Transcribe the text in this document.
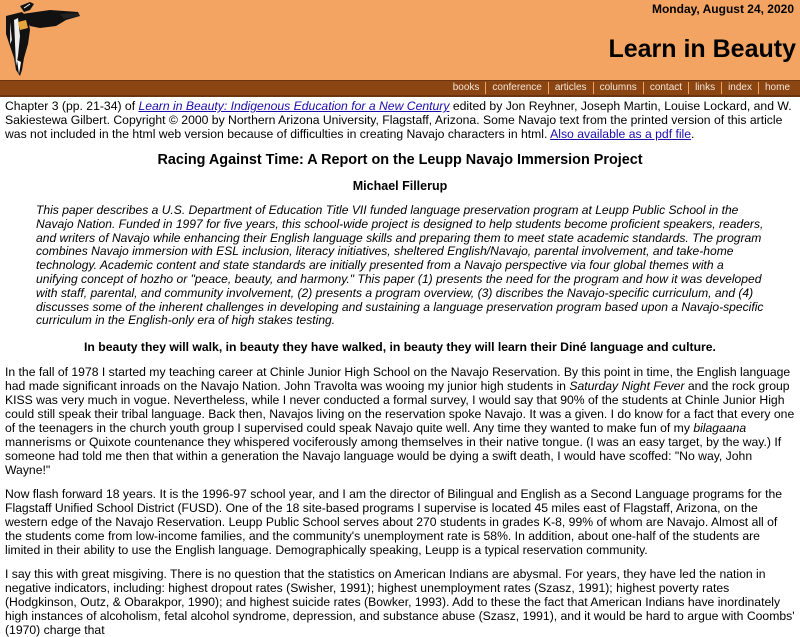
Monday, August 24, 2020
Learn in Beauty
books	conference	articles	columns	contact	links	index	home

Chapter 3 (pp. 21-34) of Learn in Beauty: Indigenous Education for a New Century edited by Jon Reyhner, Joseph Martin, Louise Lockard, and W. Sakiestewa Gilbert. Copyright © 2000 by Northern Arizona University, Flagstaff, Arizona. Some Navajo text from the printed version of this article was not included in the html web version because of difficulties in creating Navajo characters in html. Also available as a pdf file.

Racing Against Time: A Report on the Leupp Navajo Immersion Project
Michael Fillerup

This paper describes a U.S. Department of Education Title VII funded language preservation program at Leupp Public School in the Navajo Nation. Funded in 1997 for five years, this school-wide project is designed to help students become proficient speakers, readers, and writers of Navajo while enhancing their English language skills and preparing them to meet state academic standards. The program combines Navajo immersion with ESL inclusion, literacy initiatives, sheltered English/Navajo, parental involvement, and take-home technology. Academic content and state standards are initially presented from a Navajo perspective via four global themes with a unifying concept of hozho or "peace, beauty, and harmony." This paper (1) presents the need for the program and how it was developed with staff, parental, and community involvement, (2) presents a program overview, (3) discribes the Navajo-specific curriculum, and (4) discusses some of the inherent challenges in developing and sustaining a language preservation program based upon a Navajo-specific curriculum in the English-only era of high stakes testing.

In beauty they will walk, in beauty they have walked, in beauty they will learn their Diné language and culture.

In the fall of 1978 I started my teaching career at Chinle Junior High School on the Navajo Reservation. By this point in time, the English language had made significant inroads on the Navajo Nation. John Travolta was wooing my junior high students in Saturday Night Fever and the rock group KISS was very much in vogue. Nevertheless, while I never conducted a formal survey, I would say that 90% of the students at Chinle Junior High could still speak their tribal language. Back then, Navajos living on the reservation spoke Navajo. It was a given. I do know for a fact that every one of the teenagers in the church youth group I supervised could speak Navajo quite well. Any time they wanted to make fun of my bilagaana mannerisms or Quixote countenance they whispered vociferously among themselves in their native tongue. (I was an easy target, by the way.) If someone had told me then that within a generation the Navajo language would be dying a swift death, I would have scoffed: "No way, John Wayne!"

Now flash forward 18 years. It is the 1996-97 school year, and I am the director of Bilingual and English as a Second Language programs for the Flagstaff Unified School District (FUSD). One of the 18 site-based programs I supervise is located 45 miles east of Flagstaff, Arizona, on the western edge of the Navajo Reservation. Leupp Public School serves about 270 students in grades K-8, 99% of whom are Navajo. Almost all of the students come from low-income families, and the community's unemployment rate is 58%. In addition, about one-half of the students are limited in their ability to use the English language. Demographically speaking, Leupp is a typical reservation community.

I say this with great misgiving. There is no question that the statistics on American Indians are abysmal. For years, they have led the nation in negative indicators, including: highest dropout rates (Swisher, 1991); highest unemployment rates (Szasz, 1991); highest poverty rates (Hodgkinson, Outz, & Obarakpor, 1990); and highest suicide rates (Bowker, 1993). Add to these the fact that American Indians have inordinately high instances of alcoholism, fetal alcohol syndrome, depression, and substance abuse (Szasz, 1991), and it would be hard to argue with Coombs' (1970) charge that
